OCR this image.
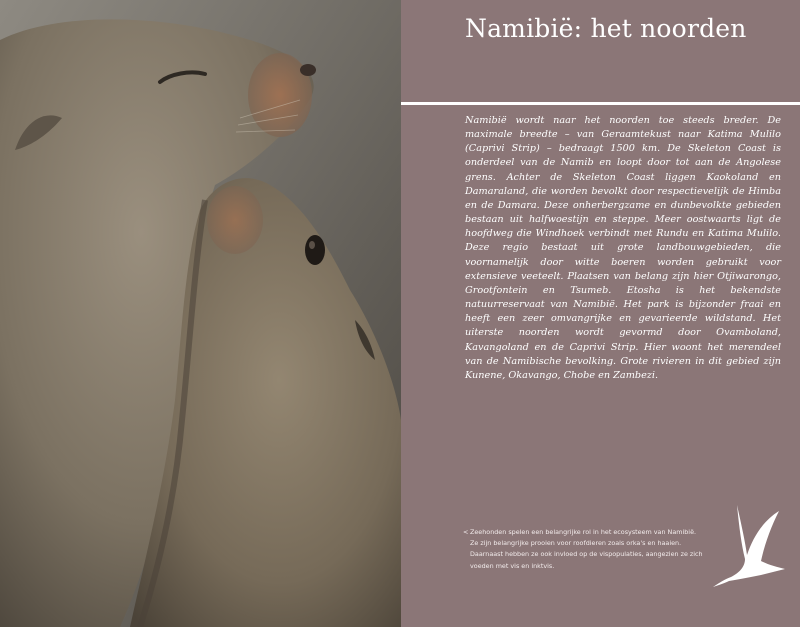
Namibië: het noorden

Namibië wordt naar het noorden toe steeds breder. De maximale breedte – van Geraamtekust naar Katima Mulilo (Caprivi Strip) – bedraagt 1500 km. De Skeleton Coast is onderdeel van de Namib en loopt door tot aan de Angolese grens. Achter de Skeleton Coast liggen Kaokoland en Damaraland, die worden bevolkt door respectievelijk de Himba en de Damara. Deze onherbergzame en dunbevolkte gebieden bestaan uit halfwoestijn en steppe. Meer oostwaarts ligt de hoofdweg die Windhoek verbindt met Rundu en Katima Mulilo. Deze regio bestaat uit grote landbouwgebieden, die voornamelijk door witte boeren worden gebruikt voor extensieve veeteelt. Plaatsen van belang zijn hier Otjiwarongo, Grootfontein en Tsumeb. Etosha is het bekendste natuurreservaat van Namibië. Het park is bijzonder fraai en heeft een zeer omvangrijke en gevarieerde wildstand. Het uiterste noorden wordt gevormd door Ovamboland, Kavangoland en de Caprivi Strip. Hier woont het merendeel van de Namibische bevolking. Grote rivieren in dit gebied zijn Kunene, Okavango, Chobe en Zambezi.

< Zeehonden spelen een belangrijke rol in het ecosysteem van Namibië. Ze zijn belangrijke prooien voor roofdieren zoals orka's en haaien. Daarnaast hebben ze ook invloed op de vispopulaties, aangezien ze zich voeden met vis en inktvis.
